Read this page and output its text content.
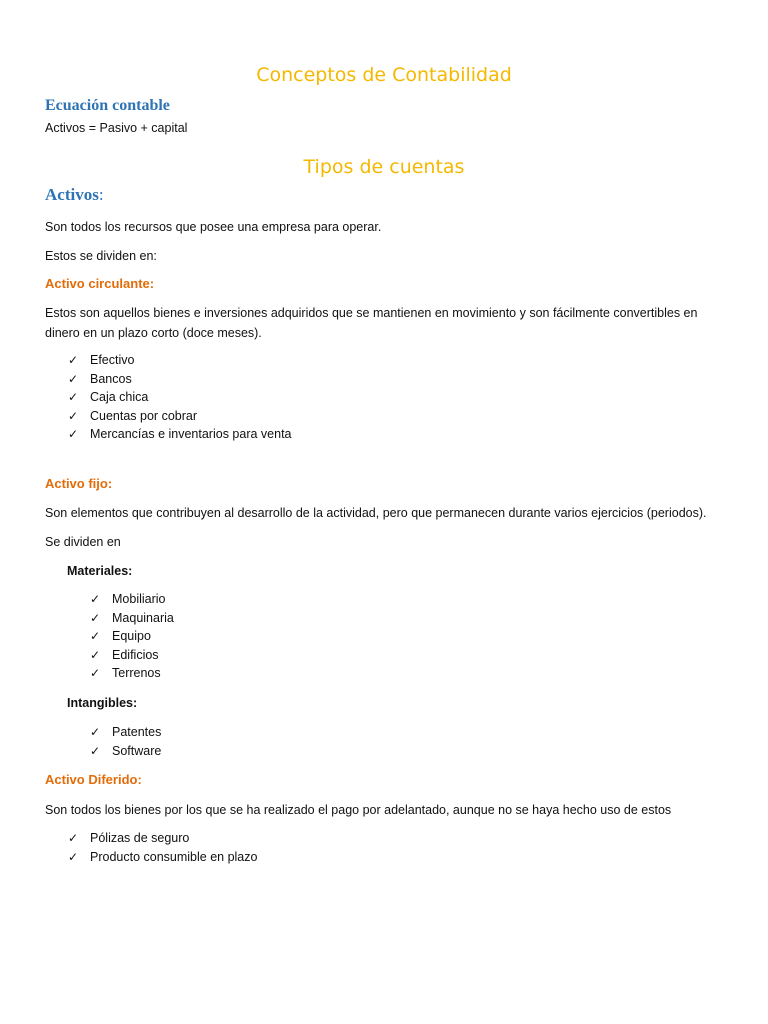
Conceptos de Contabilidad
Ecuación contable

Activos = Pasivo + capital

Tipos de cuentas
Activos:

Son todos los recursos que posee una empresa para operar.

Estos se dividen en:

Activo circulante:

Estos son aquellos bienes e inversiones adquiridos que se mantienen en movimiento y son fácilmente convertibles en

dinero en un plazo corto (doce meses).

✓ Efectivo
✓ Bancos
✓ Caja chica
✓ Cuentas por cobrar
✓ Mercancías e inventarios para venta
Activo fijo:

Son elementos que contribuyen al desarrollo de la actividad, pero que permanecen durante varios ejercicios (periodos).

Se dividen en

Materiales:

✓ Mobiliario
✓ Maquinaria
✓ Equipo
✓ Edificios
✓ Terrenos

Intangibles:

✓ Patentes
✓ Software
Activo Diferido:

Son todos los bienes por los que se ha realizado el pago por adelantado, aunque no se haya hecho uso de estos

✓ Pólizas de seguro
✓ Producto consumible en plazo
